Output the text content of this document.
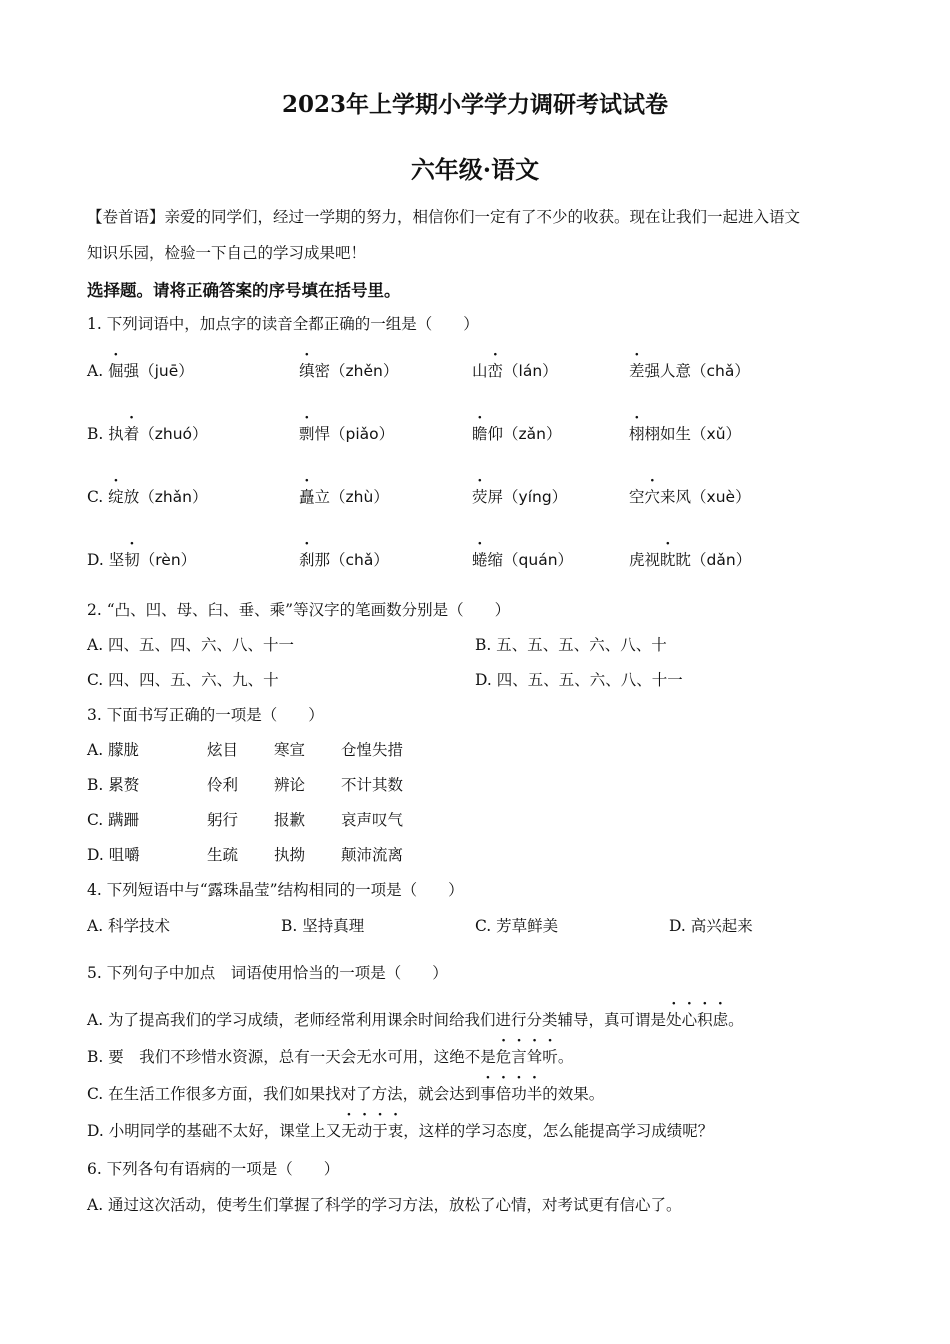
2023年上学期小学学力调研考试试卷
六年级·语文
【卷首语】亲爱的同学们，经过一学期的努力，相信你们一定有了不少的收获。现在让我们一起进入语文
知识乐园，检验一下自己的学习成果吧！
选择题。请将正确答案的序号填在括号里。
1. 下列词语中，加点字的读音全都正确的一组是（　　）
A. 倔强（juē）	缜密（zhěn）	山峦（lán）	差强人意（chǎ）
B. 执着（zhuó）	剽悍（piǎo）	瞻仰（zǎn）	栩栩如生（xǔ）
C. 绽放（zhǎn）	矗立（zhù）	荧屏（yíng）	空穴来风（xuè）
D. 坚韧（rèn）	刹那（chǎ）	蜷缩（quán）	虎视眈眈（dǎn）
2. “凸、凹、母、臼、垂、乘”等汉字的笔画数分别是（　　）
A. 四、五、四、六、八、十一	B. 五、五、五、六、八、十
C. 四、四、五、六、九、十	D. 四、五、五、六、八、十一
3. 下面书写正确的一项是（　　）
A. 朦胧	炫目 寒宣 仓惶失措
B. 累赘	伶利 辨论 不计其数
C. 蹒跚	躬行 报歉 哀声叹气
D. 咀嚼	生疏 执拗 颠沛流离
4. 下列短语中与“露珠晶莹”结构相同的一项是（　　）
A. 科学技术	B. 坚持真理	C. 芳草鲜美	D. 高兴起来
5. 下列句子中加点　词语使用恰当的一项是（　　）
A. 为了提高我们的学习成绩，老师经常利用课余时间给我们进行分类辅导，真可谓是处心积虑。
B. 要　我们不珍惜水资源，总有一天会无水可用，这绝不是危言耸听。
C. 在生活工作很多方面，我们如果找对了方法，就会达到事倍功半的效果。
D. 小明同学的基础不太好，课堂上又无动于衷，这样的学习态度，怎么能提高学习成绩呢？
6. 下列各句有语病的一项是（　　）
A. 通过这次活动，使考生们掌握了科学的学习方法，放松了心情，对考试更有信心了。
